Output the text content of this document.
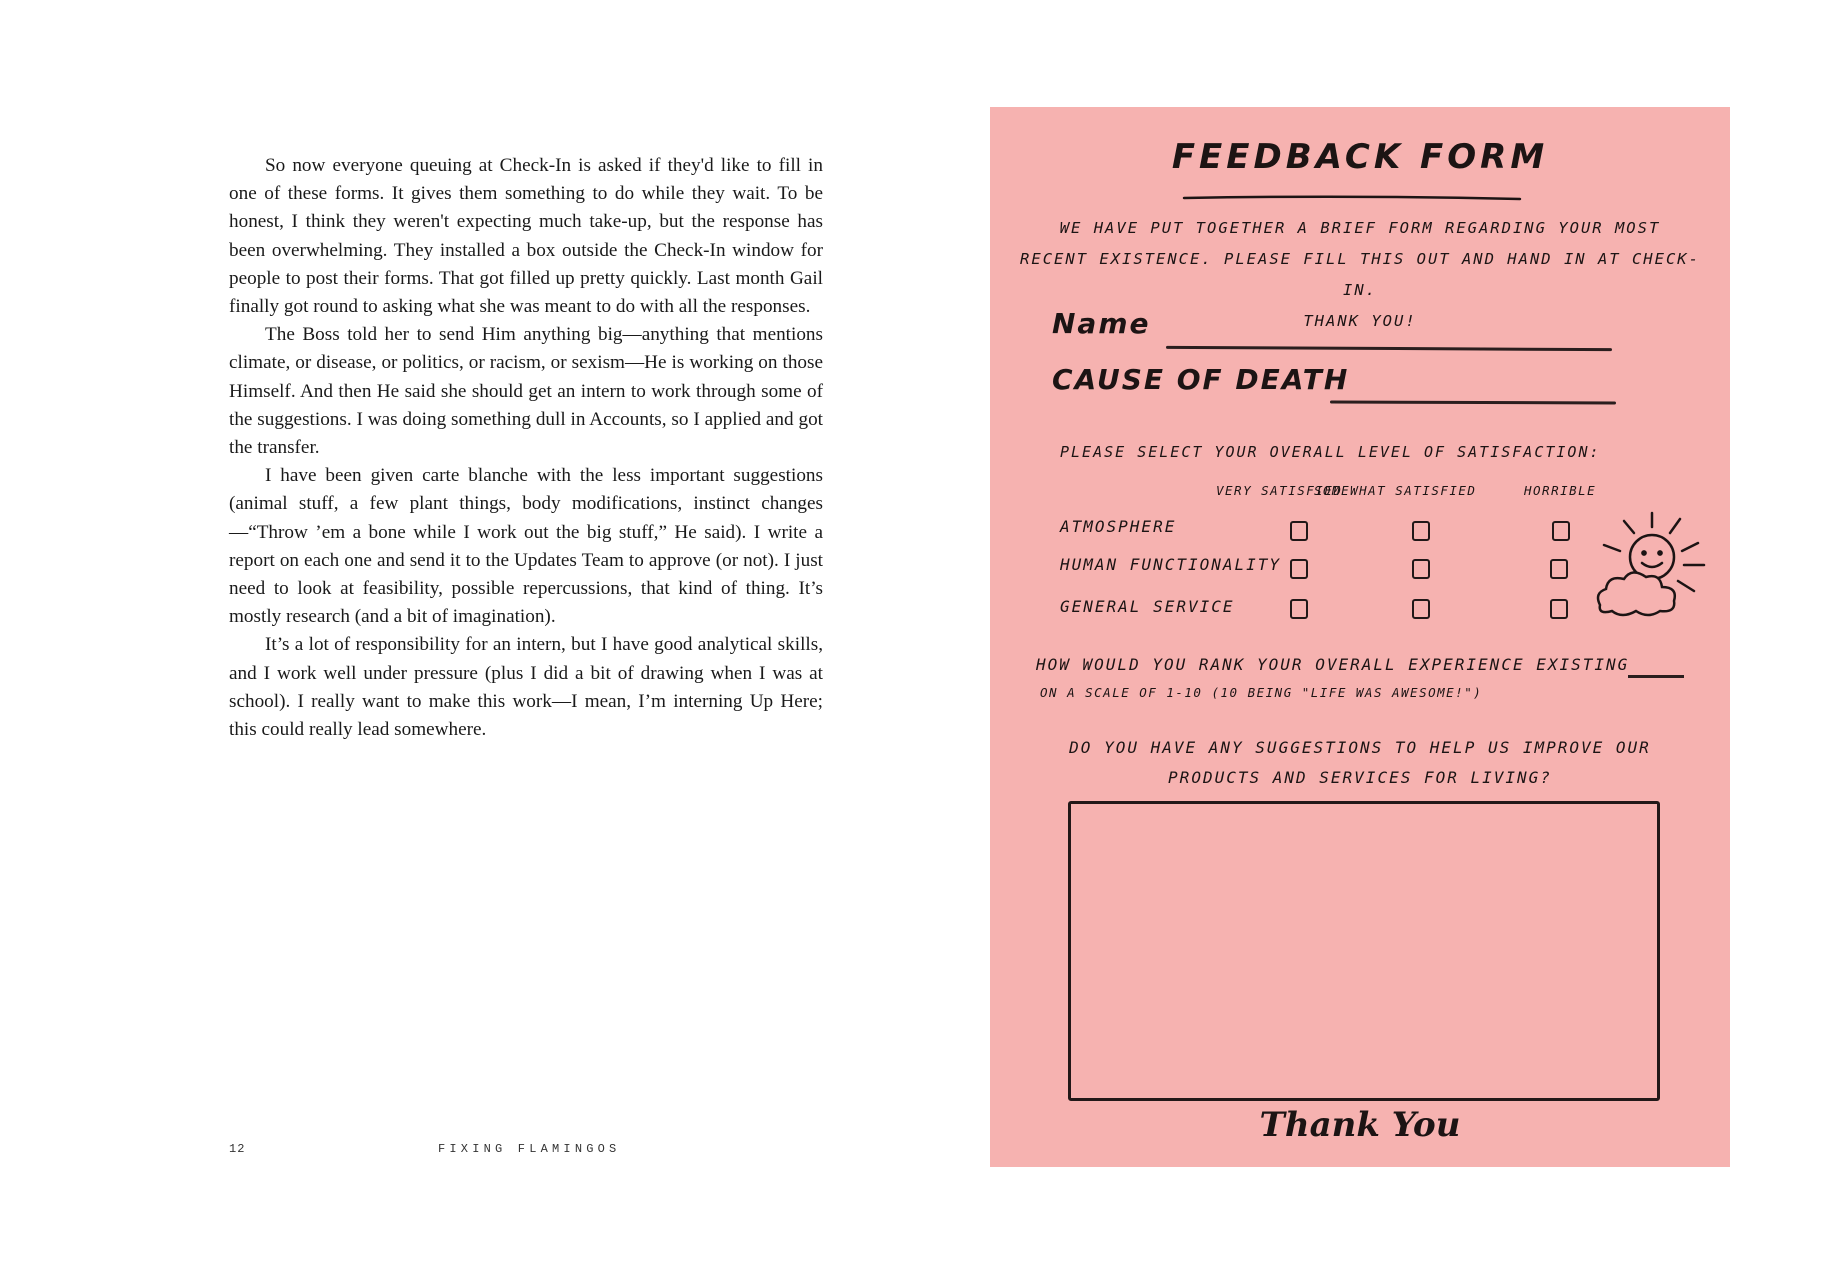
So now everyone queuing at Check-In is asked if they'd like to fill in one of these forms. It gives them something to do while they wait. To be honest, I think they weren't expecting much take-up, but the response has been overwhelming. They installed a box outside the Check-In window for people to post their forms. That got filled up pretty quickly. Last month Gail finally got round to asking what she was meant to do with all the responses.

The Boss told her to send Him anything big—anything that mentions climate, or disease, or politics, or racism, or sexism—He is working on those Himself. And then He said she should get an intern to work through some of the suggestions. I was doing something dull in Accounts, so I applied and got the transfer.

I have been given carte blanche with the less important suggestions (animal stuff, a few plant things, body modifications, instinct changes—“Throw ’em a bone while I work out the big stuff,” He said). I write a report on each one and send it to the Updates Team to approve (or not). I just need to look at feasibility, possible repercussions, that kind of thing. It’s mostly research (and a bit of imagination).

It’s a lot of responsibility for an intern, but I have good analytical skills, and I work well under pressure (plus I did a bit of drawing when I was at school). I really want to make this work—I mean, I’m interning Up Here; this could really lead somewhere.

12	FIXING FLAMINGOS
FEEDBACK FORM
WE HAVE PUT TOGETHER A BRIEF FORM REGARDING YOUR MOST
RECENT EXISTENCE. PLEASE FILL THIS OUT AND HAND IN AT CHECK-IN.
THANK YOU!
Name
CAUSE OF DEATH
PLEASE SELECT YOUR OVERALL LEVEL OF SATISFACTION:
VERY SATISFIED
SOMEWHAT SATISFIED	HORRIBLE
ATMOSPHERE
HUMAN FUNCTIONALITY
GENERAL SERVICE
HOW WOULD YOU RANK YOUR OVERALL EXPERIENCE EXISTING
ON A SCALE OF 1-10 (10 BEING "LIFE WAS AWESOME!")
DO YOU HAVE ANY SUGGESTIONS TO HELP US IMPROVE OUR
PRODUCTS AND SERVICES FOR LIVING?
Thank You
